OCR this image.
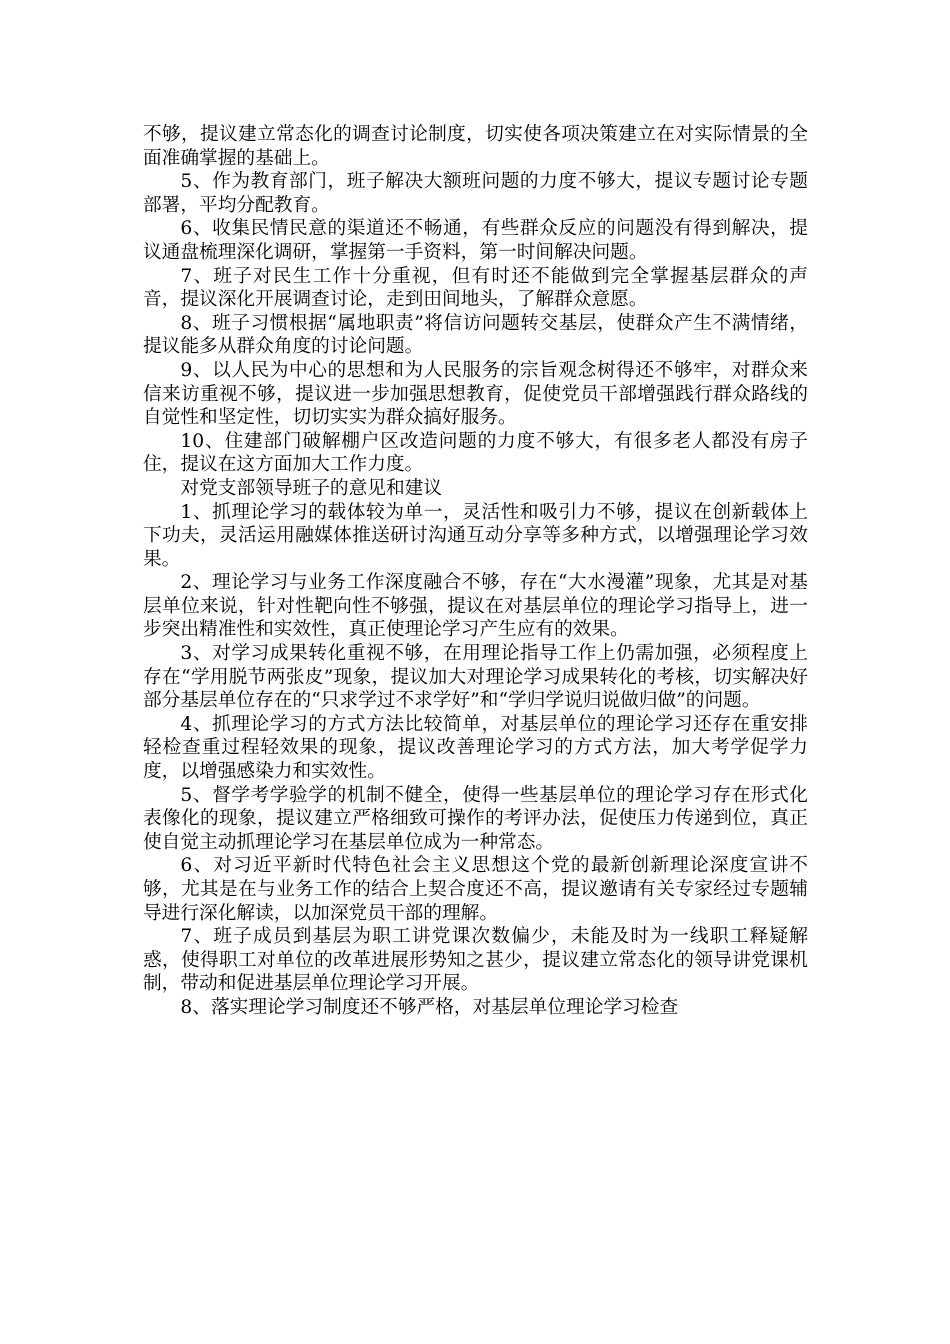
不够，提议建立常态化的调查讨论制度，切实使各项决策建立在对实际情景的全面准确掌握的基础上。

5、作为教育部门，班子解决大额班问题的力度不够大，提议专题讨论专题部署，平均分配教育。

6、收集民情民意的渠道还不畅通，有些群众反应的问题没有得到解决，提议通盘梳理深化调研，掌握第一手资料，第一时间解决问题。

7、班子对民生工作十分重视，但有时还不能做到完全掌握基层群众的声音，提议深化开展调查讨论，走到田间地头，了解群众意愿。

8、班子习惯根据“属地职责”将信访问题转交基层，使群众产生不满情绪，提议能多从群众角度的讨论问题。

9、以人民为中心的思想和为人民服务的宗旨观念树得还不够牢，对群众来信来访重视不够，提议进一步加强思想教育，促使党员干部增强践行群众路线的自觉性和坚定性，切切实实为群众搞好服务。

10、住建部门破解棚户区改造问题的力度不够大，有很多老人都没有房子住，提议在这方面加大工作力度。

对党支部领导班子的意见和建议

1、抓理论学习的载体较为单一，灵活性和吸引力不够，提议在创新载体上下功夫，灵活运用融媒体推送研讨沟通互动分享等多种方式，以增强理论学习效果。

2、理论学习与业务工作深度融合不够，存在“大水漫灌”现象，尤其是对基层单位来说，针对性靶向性不够强，提议在对基层单位的理论学习指导上，进一步突出精准性和实效性，真正使理论学习产生应有的效果。

3、对学习成果转化重视不够，在用理论指导工作上仍需加强，必须程度上存在“学用脱节两张皮”现象，提议加大对理论学习成果转化的考核，切实解决好部分基层单位存在的“只求学过不求学好”和“学归学说归说做归做”的问题。

4、抓理论学习的方式方法比较简单，对基层单位的理论学习还存在重安排轻检查重过程轻效果的现象，提议改善理论学习的方式方法，加大考学促学力度，以增强感染力和实效性。

5、督学考学验学的机制不健全，使得一些基层单位的理论学习存在形式化表像化的现象，提议建立严格细致可操作的考评办法，促使压力传递到位，真正使自觉主动抓理论学习在基层单位成为一种常态。

6、对习近平新时代特色社会主义思想这个党的最新创新理论深度宣讲不够，尤其是在与业务工作的结合上契合度还不高，提议邀请有关专家经过专题辅导进行深化解读，以加深党员干部的理解。

7、班子成员到基层为职工讲党课次数偏少，未能及时为一线职工释疑解惑，使得职工对单位的改革进展形势知之甚少，提议建立常态化的领导讲党课机制，带动和促进基层单位理论学习开展。

8、落实理论学习制度还不够严格，对基层单位理论学习检查
